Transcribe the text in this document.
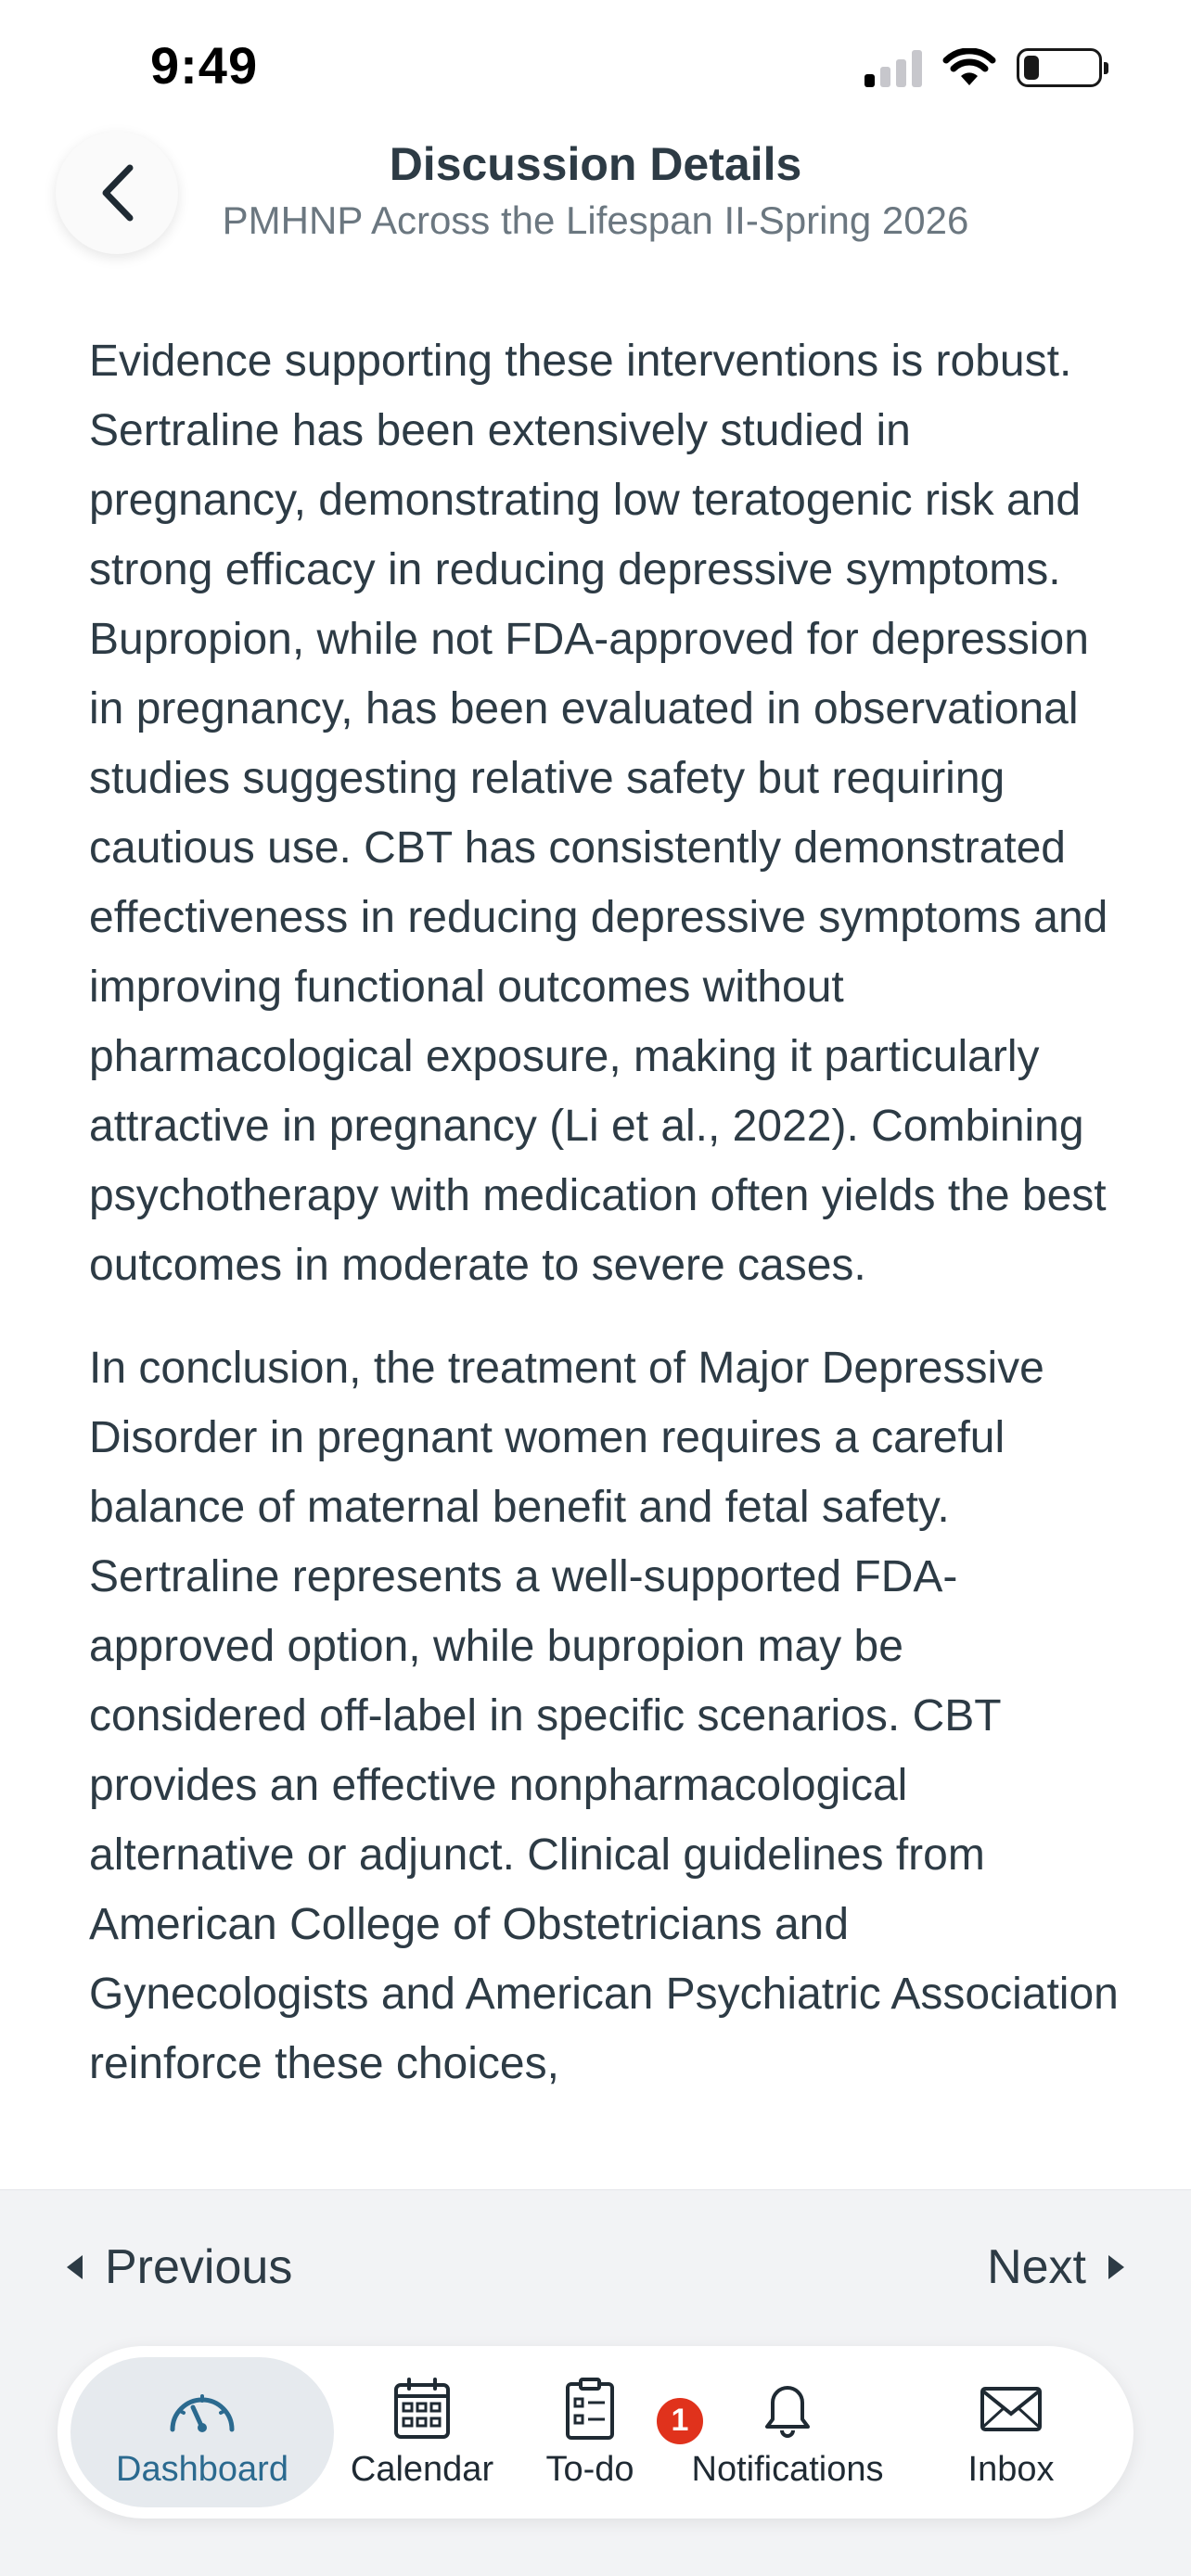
9:49
Discussion Details
PMHNP Across the Lifespan II-Spring 2026

Evidence supporting these interventions is robust. Sertraline has been extensively studied in pregnancy, demonstrating low teratogenic risk and strong efficacy in reducing depressive symptoms. Bupropion, while not FDA-approved for depression in pregnancy, has been evaluated in observational studies suggesting relative safety but requiring cautious use. CBT has consistently demonstrated effectiveness in reducing depressive symptoms and improving functional outcomes without pharmacological exposure, making it particularly attractive in pregnancy (Li et al., 2022). Combining psychotherapy with medication often yields the best outcomes in moderate to severe cases.

In conclusion, the treatment of Major Depressive Disorder in pregnant women requires a careful balance of maternal benefit and fetal safety. Sertraline represents a well-supported FDA-approved option, while bupropion may be considered off-label in specific scenarios. CBT provides an effective nonpharmacological alternative or adjunct. Clinical guidelines from American College of Obstetricians and Gynecologists and American Psychiatric Association reinforce these choices,

Previous	Next
Dashboard Calendar
1
To-do Notifications Inbox
